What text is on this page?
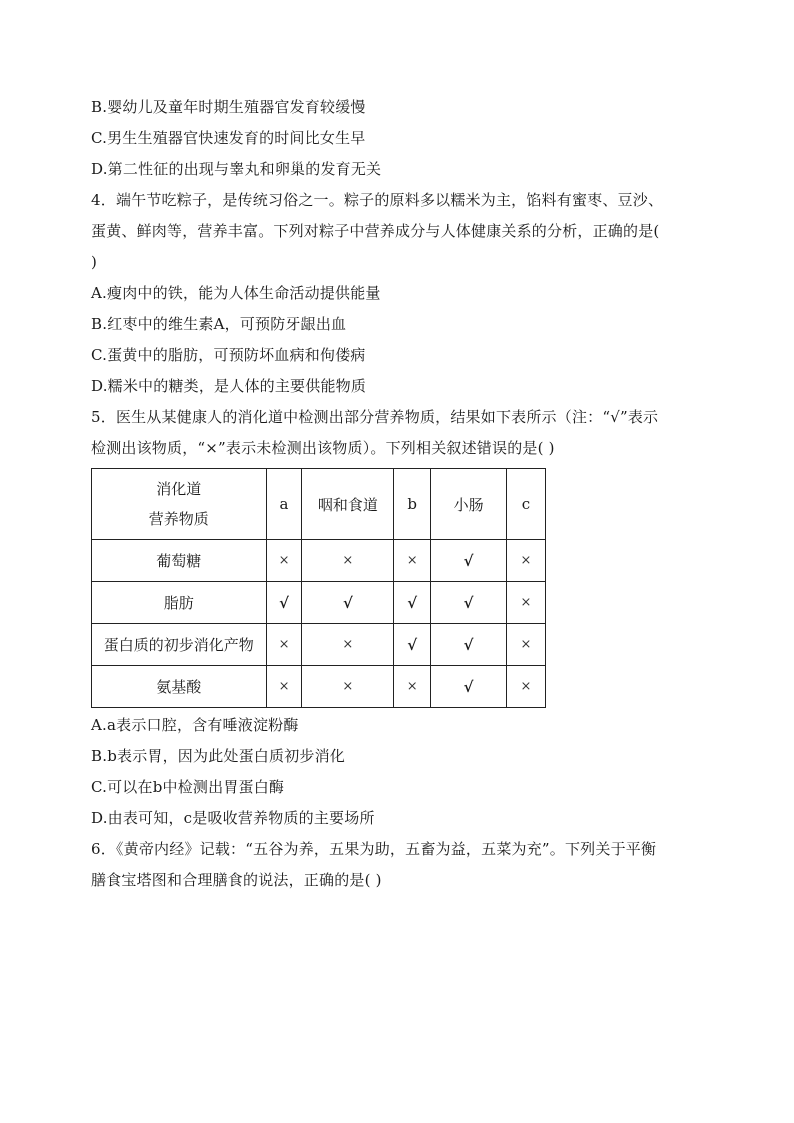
B.婴幼儿及童年时期生殖器官发育较缓慢
C.男生生殖器官快速发育的时间比女生早
D.第二性征的出现与睾丸和卵巢的发育无关
4．端午节吃粽子，是传统习俗之一。粽子的原料多以糯米为主，馅料有蜜枣、豆沙、
蛋黄、鲜肉等，营养丰富。下列对粽子中营养成分与人体健康关系的分析，正确的是(
)
A.瘦肉中的铁，能为人体生命活动提供能量
B.红枣中的维生素A，可预防牙龈出血
C.蛋黄中的脂肪，可预防坏血病和佝偻病
D.糯米中的糖类，是人体的主要供能物质
5．医生从某健康人的消化道中检测出部分营养物质，结果如下表所示（注：“√”表示
检测出该物质，“×”表示未检测出该物质）。下列相关叙述错误的是( )
消化道
营养物质	a	咽和食道	b	小肠	c
葡萄糖	×	×	×	√	×
脂肪	√	√	√	√	×
蛋白质的初步消化产物	×	×	√	√	×
氨基酸	×	×	×	√	×
A.a表示口腔，含有唾液淀粉酶
B.b表示胃，因为此处蛋白质初步消化
C.可以在b中检测出胃蛋白酶
D.由表可知，c是吸收营养物质的主要场所
6．《黄帝内经》记载：“五谷为养，五果为助，五畜为益，五菜为充”。下列关于平衡
膳食宝塔图和合理膳食的说法，正确的是( )
